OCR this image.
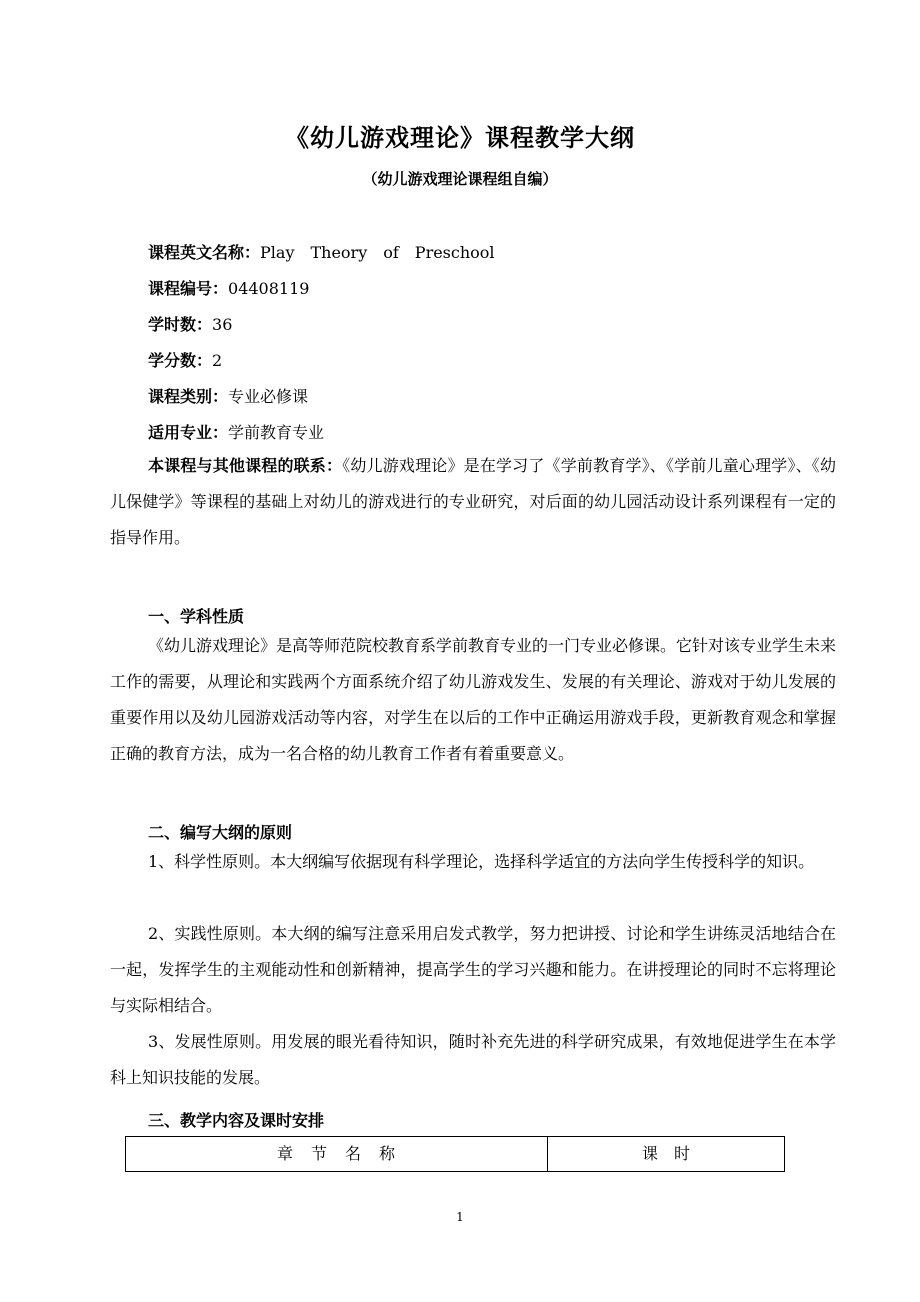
《幼儿游戏理论》课程教学大纲
（幼儿游戏理论课程组自编）
课程英文名称：Play　Theory　of　Preschool
课程编号：04408119
学时数：36
学分数：2
课程类别：专业必修课
适用专业：学前教育专业
本课程与其他课程的联系：《幼儿游戏理论》是在学习了《学前教育学》、《学前儿童心理学》、《幼儿保健学》等课程的基础上对幼儿的游戏进行的专业研究，对后面的幼儿园活动设计系列课程有一定的指导作用。
一、学科性质
《幼儿游戏理论》是高等师范院校教育系学前教育专业的一门专业必修课。它针对该专业学生未来工作的需要，从理论和实践两个方面系统介绍了幼儿游戏发生、发展的有关理论、游戏对于幼儿发展的重要作用以及幼儿园游戏活动等内容，对学生在以后的工作中正确运用游戏手段，更新教育观念和掌握正确的教育方法，成为一名合格的幼儿教育工作者有着重要意义。
二、编写大纲的原则
1、科学性原则。本大纲编写依据现有科学理论，选择科学适宜的方法向学生传授科学的知识。
2、实践性原则。本大纲的编写注意采用启发式教学，努力把讲授、讨论和学生讲练灵活地结合在一起，发挥学生的主观能动性和创新精神，提高学生的学习兴趣和能力。在讲授理论的同时不忘将理论与实际相结合。
3、发展性原则。用发展的眼光看待知识，随时补充先进的科学研究成果，有效地促进学生在本学科上知识技能的发展。
三、教学内容及课时安排
章　节　名　称	课　时
1
